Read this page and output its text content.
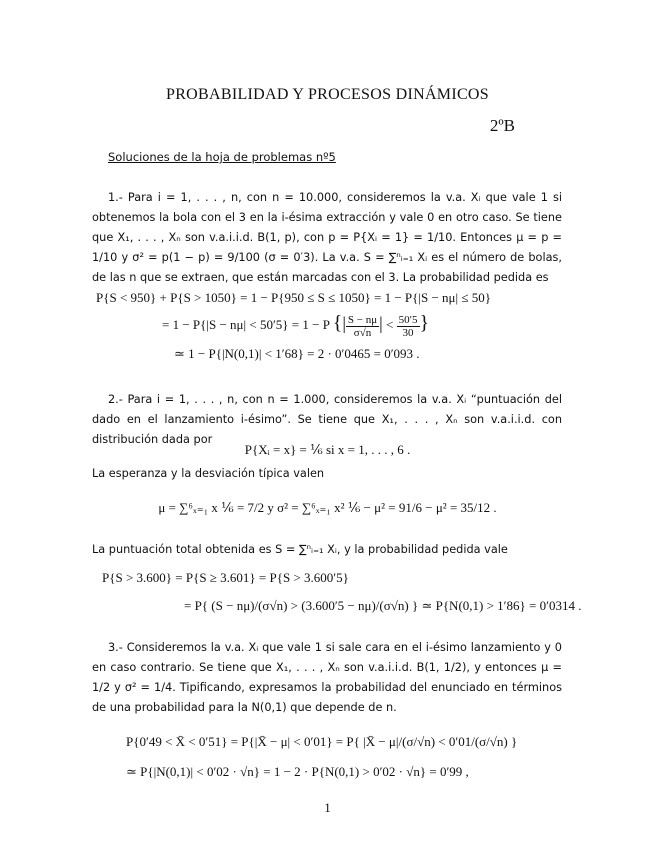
PROBABILIDAD Y PROCESOS DINÁMICOS
2ºB
Soluciones de la hoja de problemas nº5
1.- Para i = 1, . . . , n, con n = 10.000, consideremos la v.a. Xᵢ que vale 1 si obtenemos la bola con el 3 en la i-ésima extracción y vale 0 en otro caso. Se tiene que X₁, . . . , Xₙ son v.a.i.i.d. B(1, p), con p = P{Xᵢ = 1} = 1/10. Entonces μ = p = 1/10 y σ² = p(1 − p) = 9/100 (σ = 0′3). La v.a. S = ∑ⁿᵢ₌₁ Xᵢ es el número de bolas, de las n que se extraen, que están marcadas con el 3. La probabilidad pedida es
P{S < 950} + P{S > 1050} = 1 − P{950 ≤ S ≤ 1050} = 1 − P{|S − nμ| ≤ 50}
= 1 − P{|S − nμ| < 50′5} = 1 − P {| $\frac{S - n\mu}{\sigma√n}$ | < $\frac{50'5}{30}$ }
≃ 1 − P{|N(0,1)| < 1′68} = 2 · 0′0465 = 0′093 .
2.- Para i = 1, . . . , n, con n = 1.000, consideremos la v.a. Xᵢ “puntuación del dado en el lanzamiento i-ésimo”. Se tiene que X₁, . . . , Xₙ son v.a.i.i.d. con distribución dada por
P{Xᵢ = x} = ⅙ si x = 1, . . . , 6 .
La esperanza y la desviación típica valen
μ = ∑⁶ₓ₌₁ x ⅙ = 7/2 y σ² = ∑⁶ₓ₌₁ x² ⅙ − μ² = 91/6 − μ² = 35/12 .
La puntuación total obtenida es S = ∑ⁿᵢ₌₁ Xᵢ, y la probabilidad pedida vale
P{S > 3.600} = P{S ≥ 3.601} = P{S > 3.600′5}
= P{ (S − nμ)/(σ√n) > (3.600′5 − nμ)/(σ√n) } ≃ P{N(0,1) > 1′86} = 0′0314 .
3.- Consideremos la v.a. Xᵢ que vale 1 si sale cara en el i-ésimo lanzamiento y 0 en caso contrario. Se tiene que X₁, . . . , Xₙ son v.a.i.i.d. B(1, 1/2), y entonces μ = 1/2 y σ² = 1/4. Tipificando, expresamos la probabilidad del enunciado en términos de una probabilidad para la N(0,1) que depende de n.
P{0′49 < X̄ < 0′51} = P{|X̄ − μ| < 0′01} = P{ |X̄ − μ|/(σ/√n) < 0′01/(σ/√n) }
≃ P{|N(0,1)| < 0′02 · √n} = 1 − 2 · P{N(0,1) > 0′02 · √n} = 0′99 ,
1
